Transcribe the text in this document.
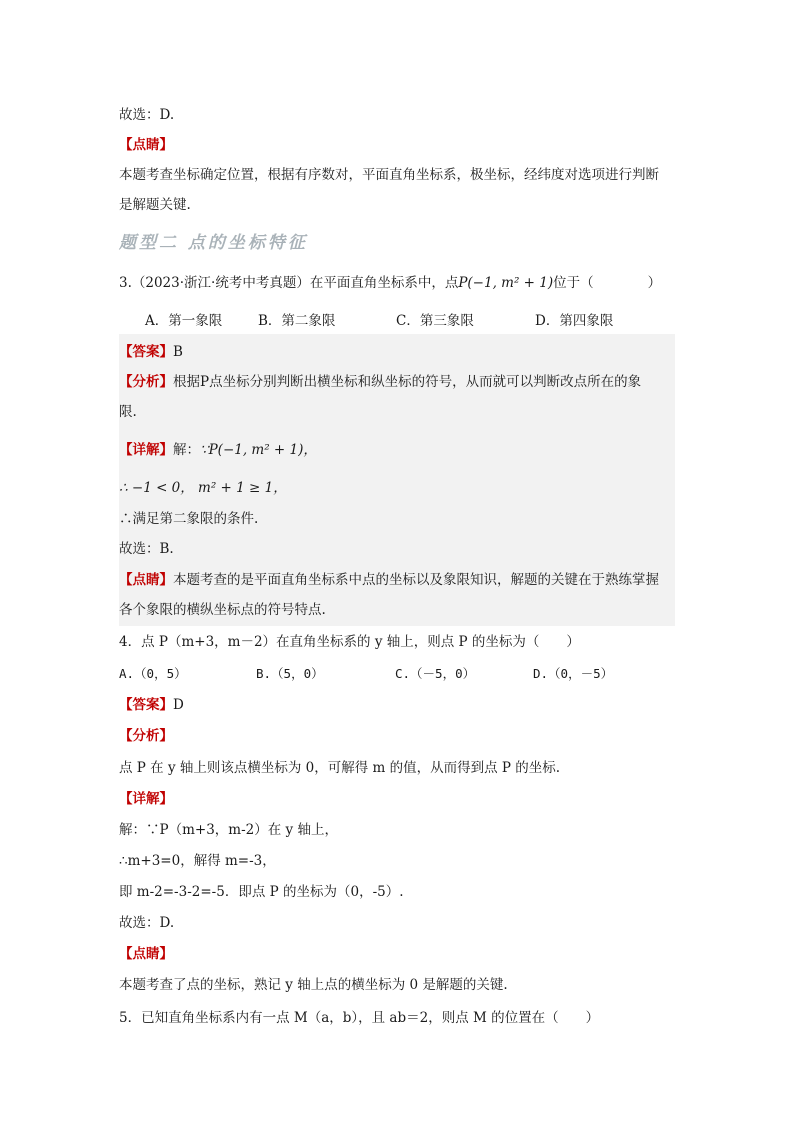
故选：D.
【点睛】
本题考查坐标确定位置，根据有序数对，平面直角坐标系，极坐标，经纬度对选项进行判断
是解题关键.
题型二 点的坐标特征
3.（2023·浙江·统考中考真题）在平面直角坐标系中，点P(−1, m² + 1)位于（　　　　）
A．第一象限	B．第二象限	C．第三象限	D．第四象限
【答案】B
【分析】根据P点坐标分别判断出横坐标和纵坐标的符号，从而就可以判断改点所在的象
限.
【详解】解：∵P(−1, m² + 1)，
∴ −1 < 0， m² + 1 ≥ 1，
∴满足第二象限的条件.
故选：B.
【点睛】本题考查的是平面直角坐标系中点的坐标以及象限知识，解题的关键在于熟练掌握
各个象限的横纵坐标点的符号特点.
4．点 P（m+3，m－2）在直角坐标系的 y 轴上，则点 P 的坐标为（　　）
A.（0，5）	B.（5，0）	C.（－5，0）	D.（0，－5）
【答案】D
【分析】
点 P 在 y 轴上则该点横坐标为 0，可解得 m 的值，从而得到点 P 的坐标.
【详解】
解：∵P（m+3，m-2）在 y 轴上，
∴m+3=0，解得 m=-3，
即 m-2=-3-2=-5．即点 P 的坐标为（0，-5）.
故选：D.
【点睛】
本题考查了点的坐标，熟记 y 轴上点的横坐标为 0 是解题的关键.
5．已知直角坐标系内有一点 M（a，b），且 ab＝2，则点 M 的位置在（　　）
